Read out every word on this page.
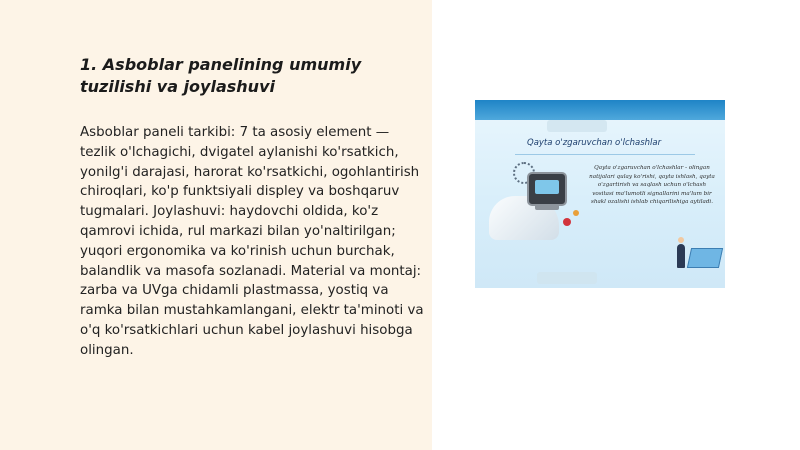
1. Asboblar panelining umumiy tuzilishi va joylashuvi

Asboblar paneli tarkibi: 7 ta asosiy element — tezlik o'lchagichi, dvigatel aylanishi ko'rsatkich, yonilg'i darajasi, harorat ko'rsatkichi, ogohlantirish chiroqlari, ko'p funktsiyali displey va boshqaruv tugmalari. Joylashuvi: haydovchi oldida, ko'z qamrovi ichida, rul markazi bilan yo'naltirilgan; yuqori ergonomika va ko'rinish uchun burchak, balandlik va masofa sozlanadi. Material va montaj: zarba va UVga chidamli plastmassa, yostiq va ramka bilan mustahkamlangani, elektr ta'minoti va o'q ko'rsatkichlari uchun kabel joylashuvi hisobga olingan.

Qayta o'zgaruvchan o'lchashlar
Qayta o'zgaruvchan o'lchashlar - olingan natijalari qulay ko'rishi, qayta ishlash, qayta o'zgartirish va saqlash uchun o'lchash vositasi ma'lumotli signallarini ma'lum bir shakl ozalishi ishlab chiqarilishiga aytiladi.
